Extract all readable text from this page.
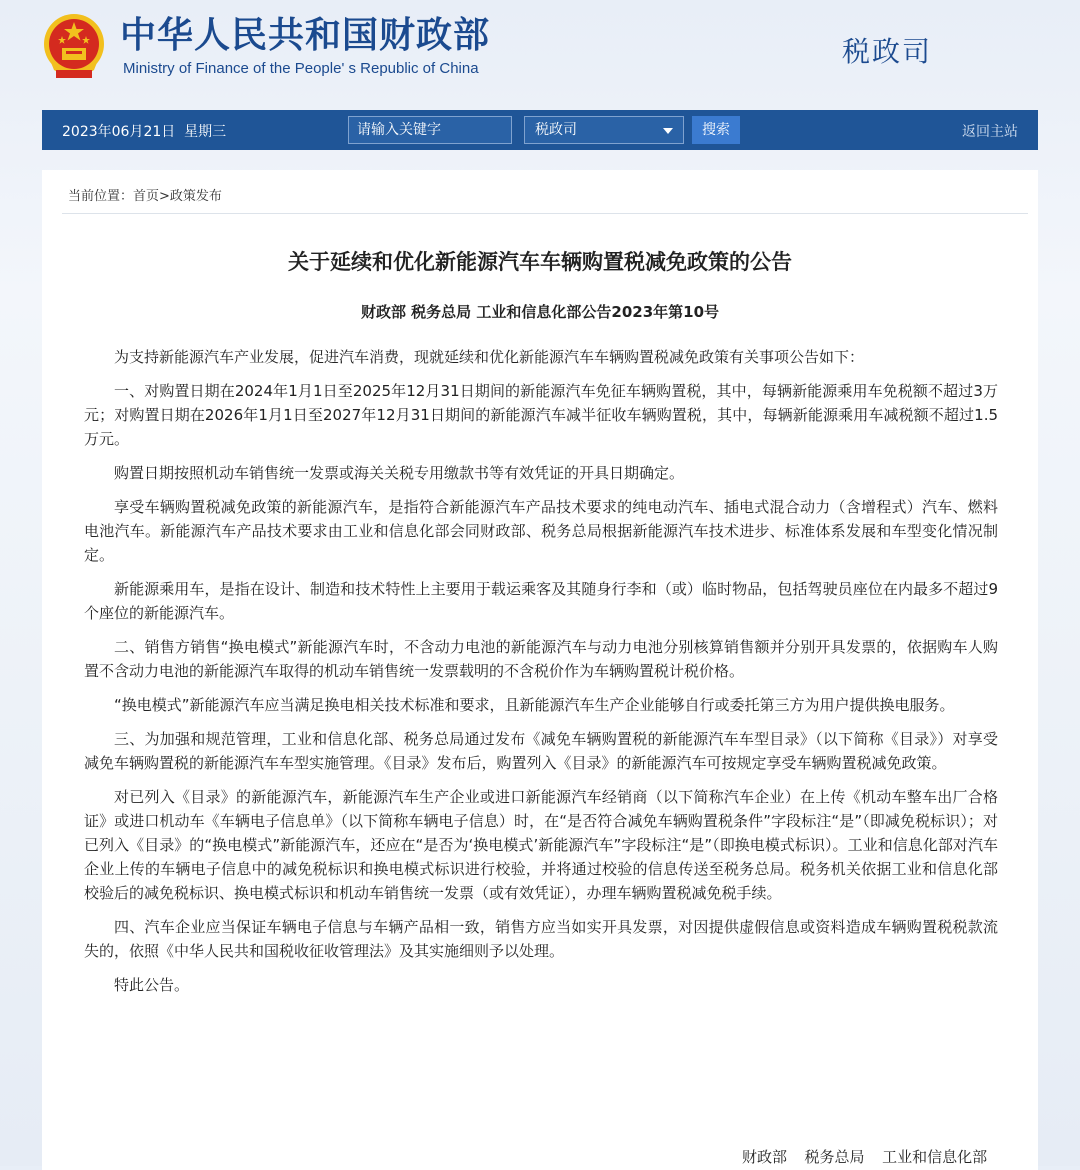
中华人民共和国财政部
Ministry of Finance of the People' s Republic of China
税政司
2023年06月21日  星期三	请输入关键字	税政司	搜索	返回主站
当前位置：首页>政策发布
关于延续和优化新能源汽车车辆购置税减免政策的公告
财政部 税务总局 工业和信息化部公告2023年第10号

为支持新能源汽车产业发展，促进汽车消费，现就延续和优化新能源汽车车辆购置税减免政策有关事项公告如下：

一、对购置日期在2024年1月1日至2025年12月31日期间的新能源汽车免征车辆购置税，其中，每辆新能源乘用车免税额不超过3万元；对购置日期在2026年1月1日至2027年12月31日期间的新能源汽车减半征收车辆购置税，其中，每辆新能源乘用车减税额不超过1.5万元。

购置日期按照机动车销售统一发票或海关关税专用缴款书等有效凭证的开具日期确定。

享受车辆购置税减免政策的新能源汽车，是指符合新能源汽车产品技术要求的纯电动汽车、插电式混合动力（含增程式）汽车、燃料电池汽车。新能源汽车产品技术要求由工业和信息化部会同财政部、税务总局根据新能源汽车技术进步、标准体系发展和车型变化情况制定。

新能源乘用车，是指在设计、制造和技术特性上主要用于载运乘客及其随身行李和（或）临时物品，包括驾驶员座位在内最多不超过9个座位的新能源汽车。

二、销售方销售“换电模式”新能源汽车时，不含动力电池的新能源汽车与动力电池分别核算销售额并分别开具发票的，依据购车人购置不含动力电池的新能源汽车取得的机动车销售统一发票载明的不含税价作为车辆购置税计税价格。

“换电模式”新能源汽车应当满足换电相关技术标准和要求，且新能源汽车生产企业能够自行或委托第三方为用户提供换电服务。

三、为加强和规范管理，工业和信息化部、税务总局通过发布《减免车辆购置税的新能源汽车车型目录》（以下简称《目录》）对享受减免车辆购置税的新能源汽车车型实施管理。《目录》发布后，购置列入《目录》的新能源汽车可按规定享受车辆购置税减免政策。

对已列入《目录》的新能源汽车，新能源汽车生产企业或进口新能源汽车经销商（以下简称汽车企业）在上传《机动车整车出厂合格证》或进口机动车《车辆电子信息单》（以下简称车辆电子信息）时，在“是否符合减免车辆购置税条件”字段标注“是”（即减免税标识）；对已列入《目录》的“换电模式”新能源汽车，还应在“是否为‘换电模式’新能源汽车”字段标注“是”（即换电模式标识）。工业和信息化部对汽车企业上传的车辆电子信息中的减免税标识和换电模式标识进行校验，并将通过校验的信息传送至税务总局。税务机关依据工业和信息化部校验后的减免税标识、换电模式标识和机动车销售统一发票（或有效凭证），办理车辆购置税减免税手续。

四、汽车企业应当保证车辆电子信息与车辆产品相一致，销售方应当如实开具发票，对因提供虚假信息或资料造成车辆购置税税款流失的，依照《中华人民共和国税收征收管理法》及其实施细则予以处理。

特此公告。

财政部  税务总局  工业和信息化部
